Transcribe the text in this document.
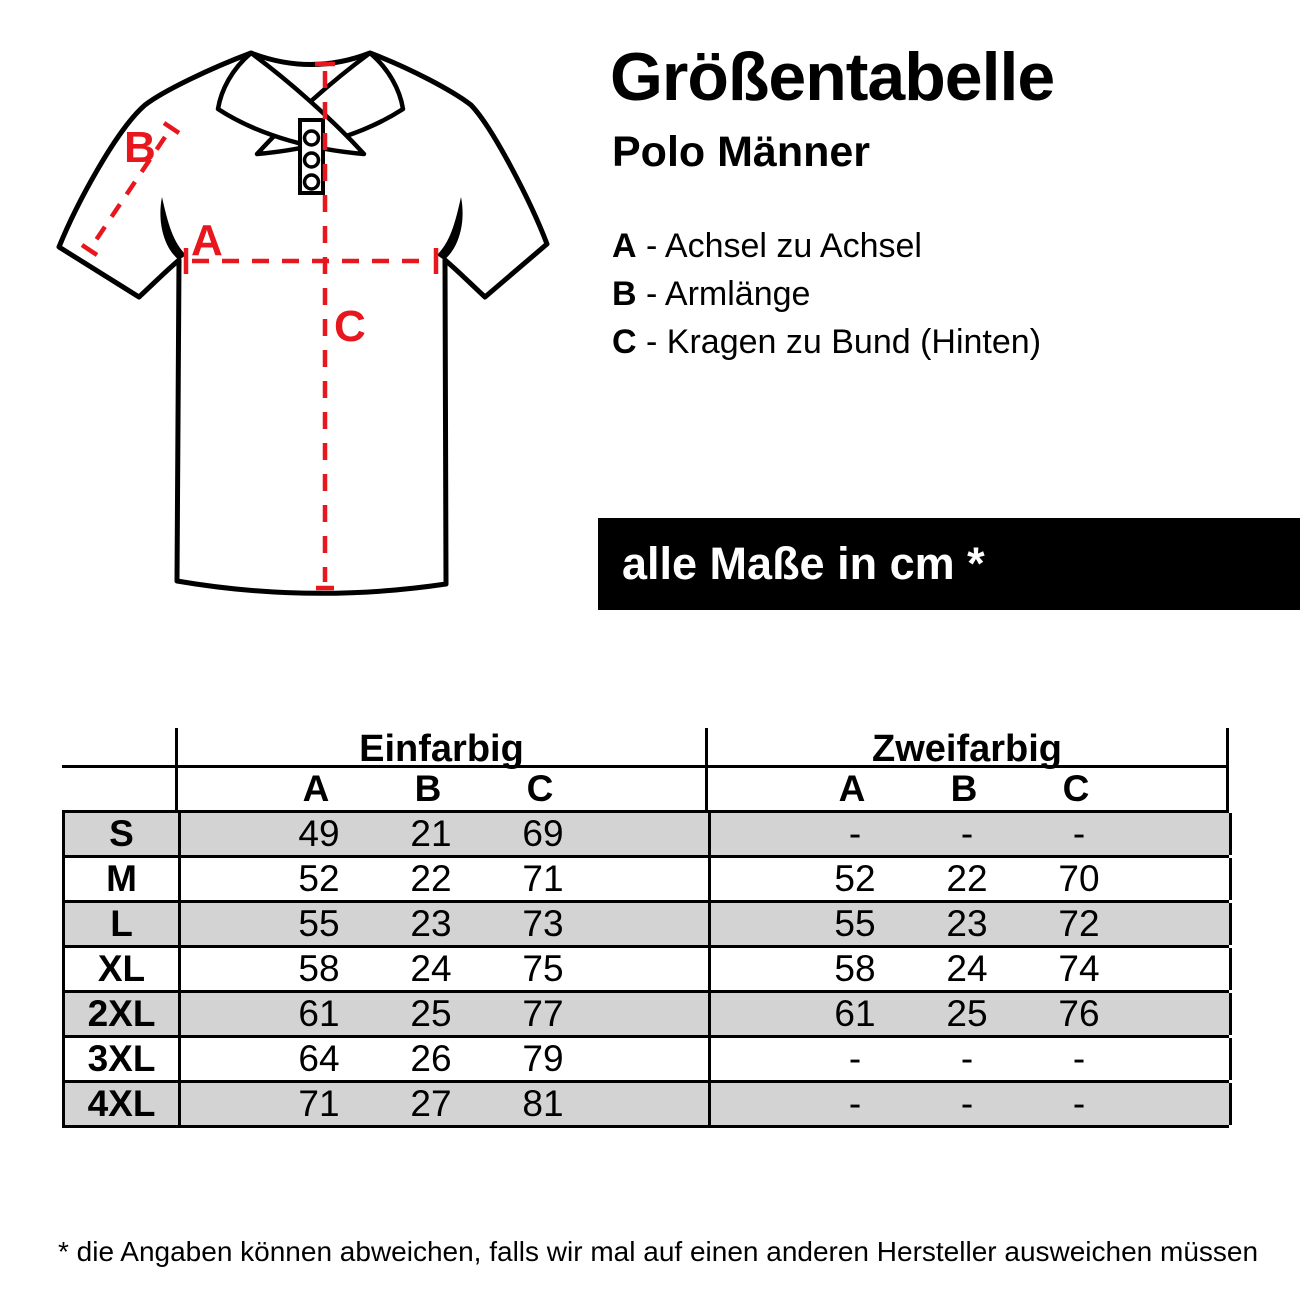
A
B
C
Größentabelle
Polo Männer
A - Achsel zu Achsel
B - Armlänge
C - Kragen zu Bund (Hinten)
alle Maße in cm *
Einfarbig	Zweifarbig
A	B	C	A	B	C
S	49	21	69	-	-	-
M	52	22	71	52	22	70
L	55	23	73	55	23	72
XL	58	24	75	58	24	74
2XL	61	25	77	61	25	76
3XL	64	26	79	-	-	-
4XL	71	27	81	-	-	-
* die Angaben können abweichen, falls wir mal auf einen anderen Hersteller ausweichen müssen
